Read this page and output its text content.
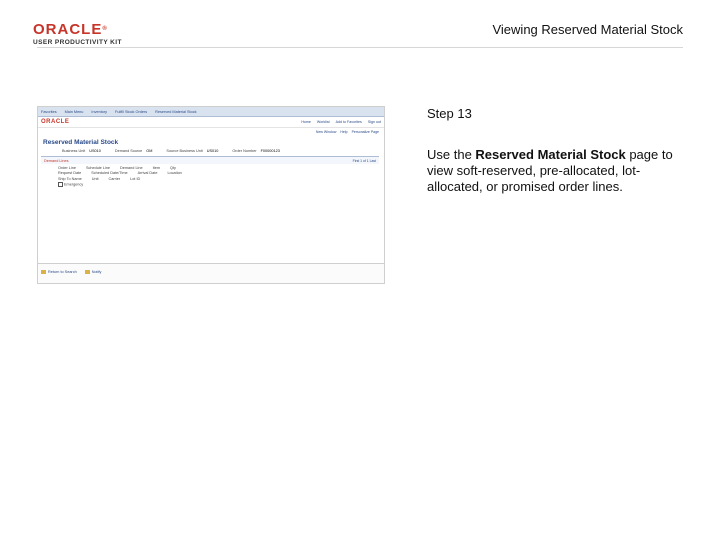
ORACLE®
USER PRODUCTIVITY KIT
Viewing Reserved Material Stock
Favorites Main Menu Inventory Fulfill Stock Orders Reserved Material Stock
ORACLE	Home Worklist Add to Favorites Sign out
New Window Help Personalize Page
Reserved Material Stock
Business Unit US010	Demand Source OM	Source Business Unit US010	Order Number F00000123
Demand Lines	First 1 of 1 Last
Order Line	Schedule Line	Demand Line	Item	Qty
Request Date	Scheduled Date/Time	Arrival Date	Location
Ship To Name	Unit	Carrier	Lot ID
Emergency
Return to Search	Notify

Step 13

Use the Reserved Material Stock page to view soft-reserved, pre-allocated, lot-allocated, or promised order lines.
